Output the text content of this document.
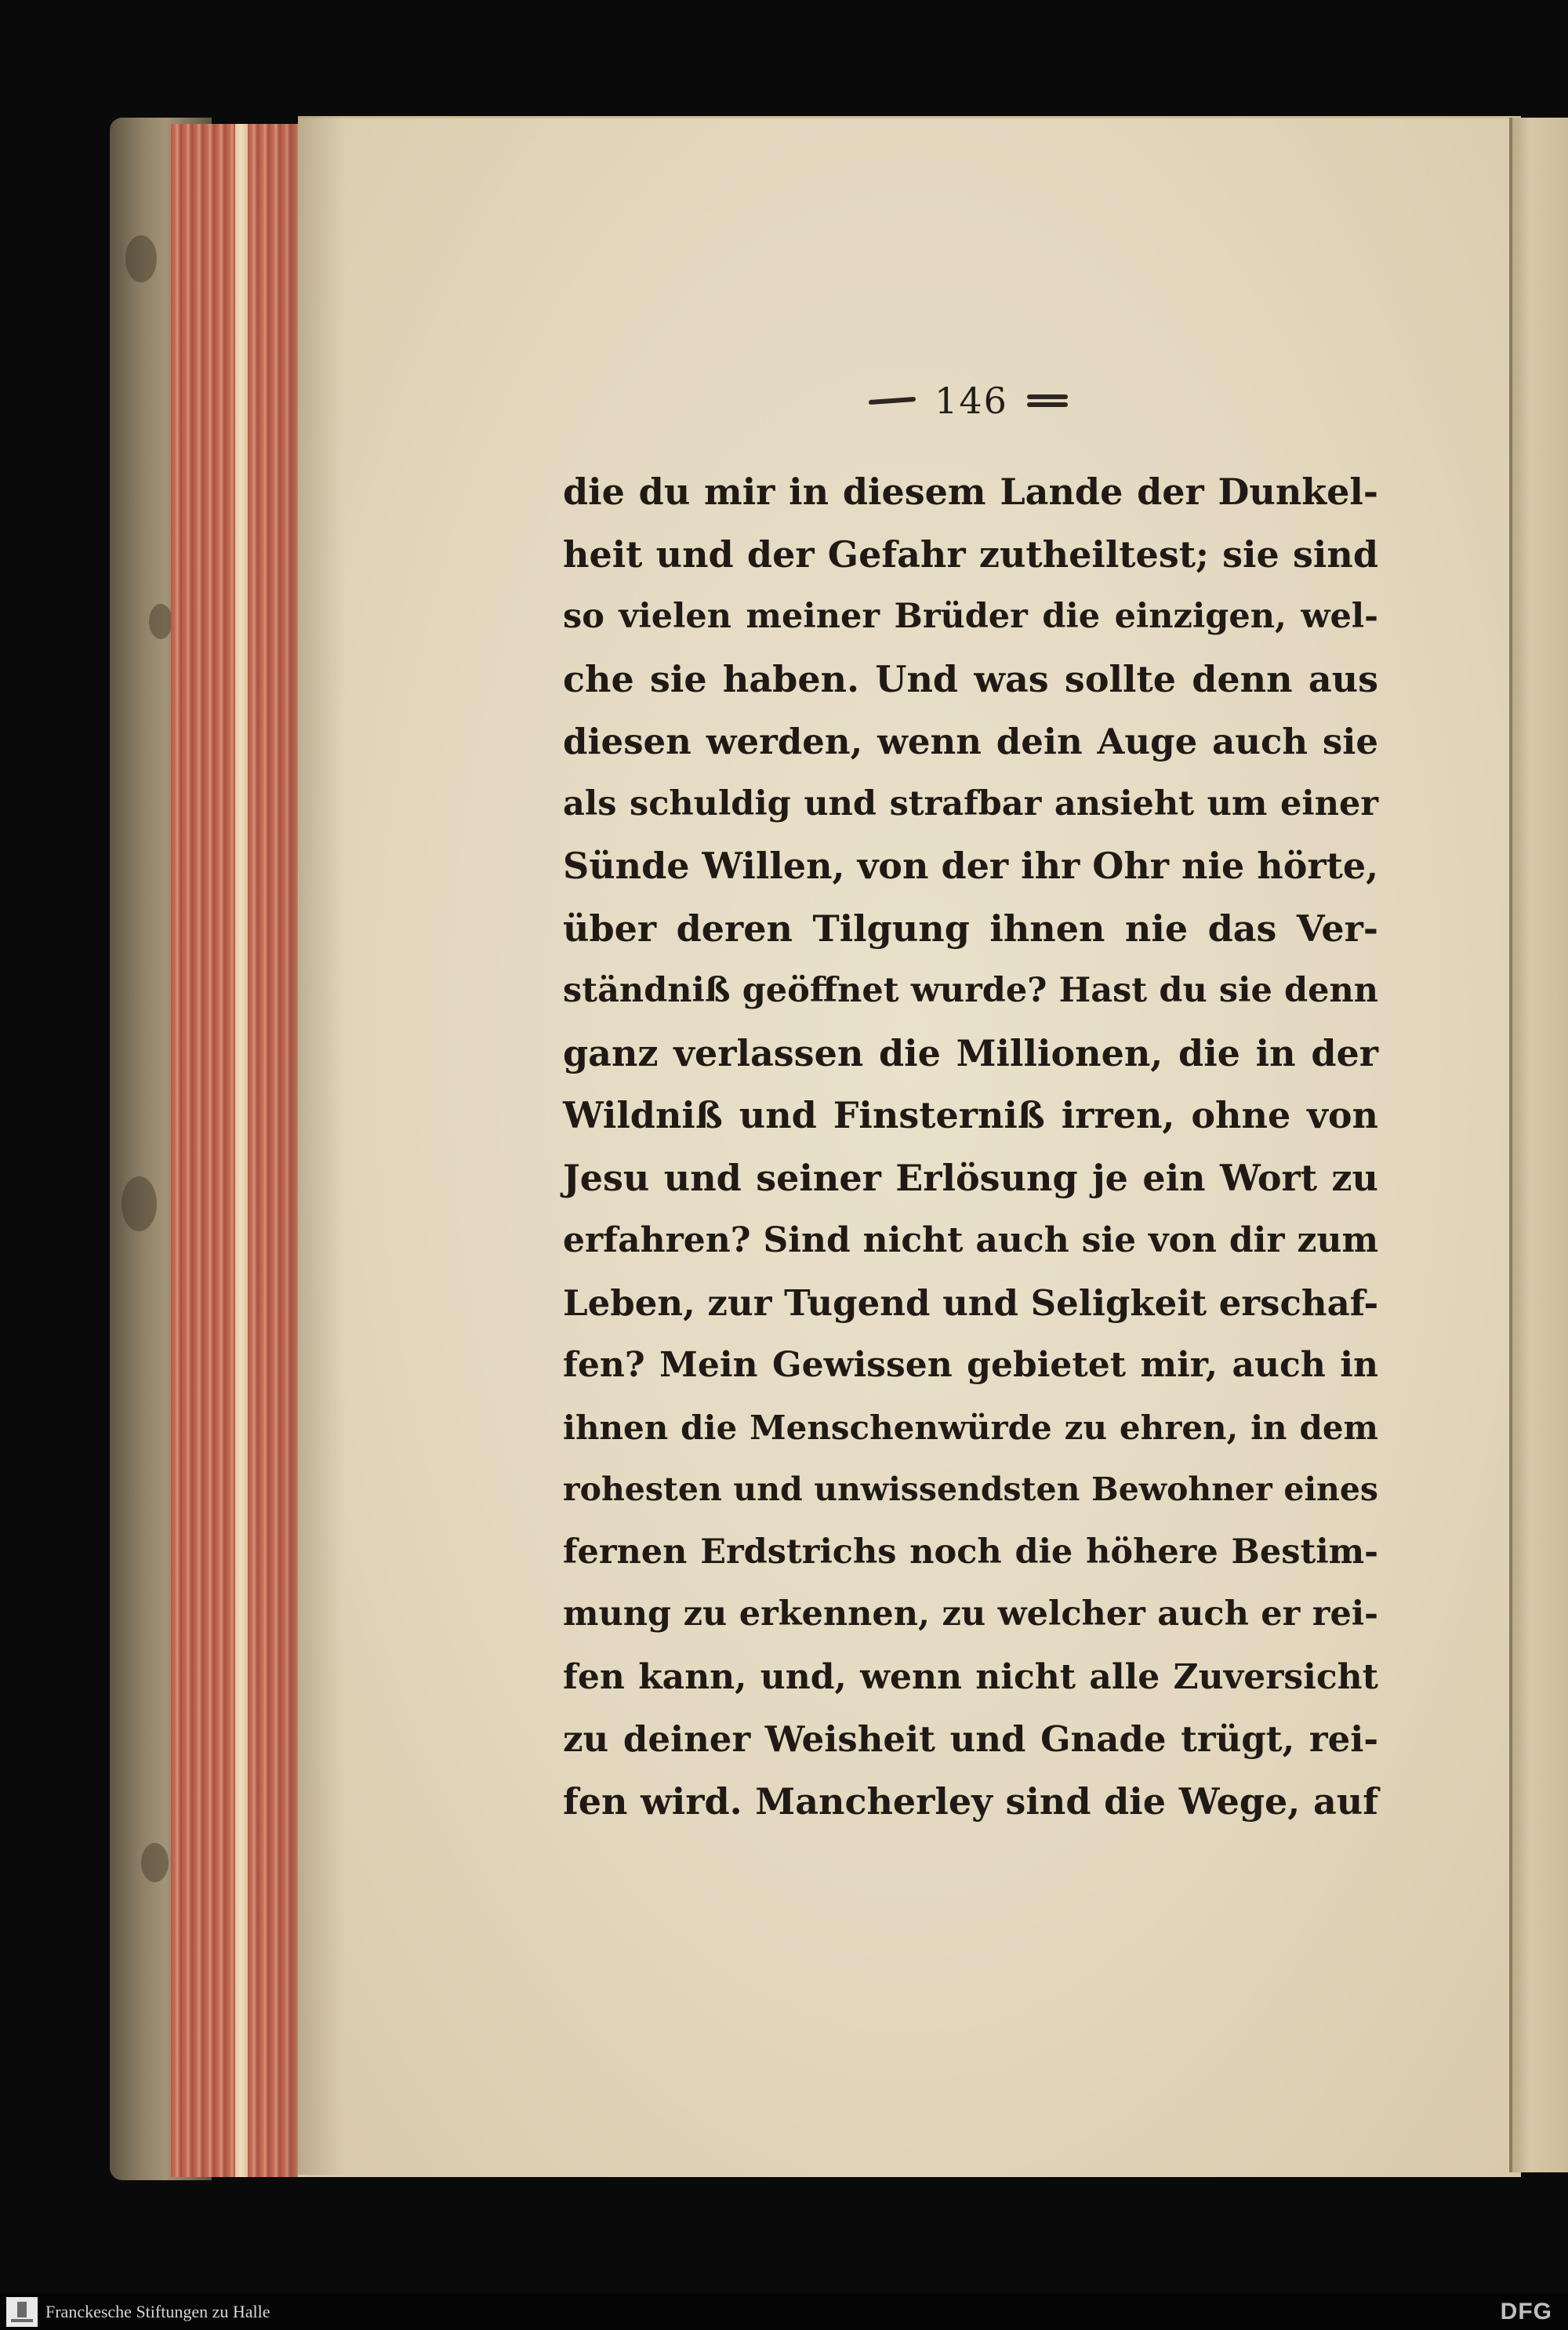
146
die du mir in diesem Lande der Dunkel-
heit und der Gefahr zutheiltest; sie sind
so vielen meiner Brüder die einzigen, wel-
che sie haben. Und was sollte denn aus
diesen werden, wenn dein Auge auch sie
als schuldig und strafbar ansieht um einer
Sünde Willen, von der ihr Ohr nie hörte,
über deren Tilgung ihnen nie das Ver-
ständniß geöffnet wurde? Hast du sie denn
ganz verlassen die Millionen, die in der
Wildniß und Finsterniß irren, ohne von
Jesu und seiner Erlösung je ein Wort zu
erfahren? Sind nicht auch sie von dir zum
Leben, zur Tugend und Seligkeit erschaf-
fen? Mein Gewissen gebietet mir, auch in
ihnen die Menschenwürde zu ehren, in dem
rohesten und unwissendsten Bewohner eines
fernen Erdstrichs noch die höhere Bestim-
mung zu erkennen, zu welcher auch er rei-
fen kann, und, wenn nicht alle Zuversicht
zu deiner Weisheit und Gnade trügt, rei-
fen wird. Mancherley sind die Wege, auf
Franckesche Stiftungen zu Halle	DFG
